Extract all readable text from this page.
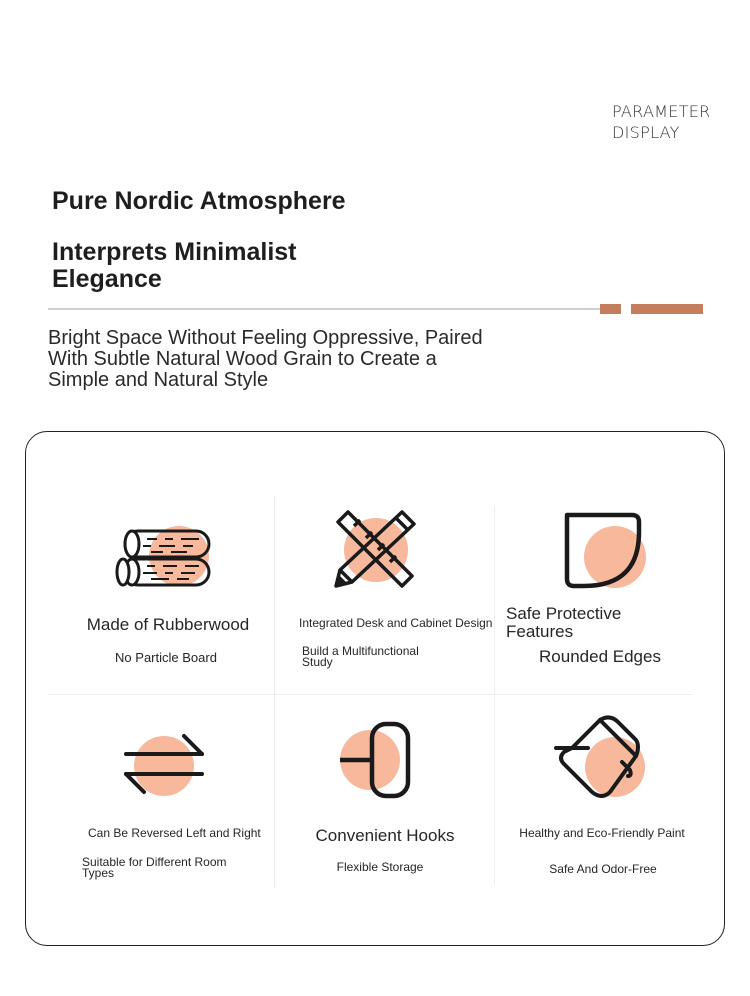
PARAMETER
DISPLAY
Pure Nordic Atmosphere
Interprets Minimalist Elegance
Bright Space Without Feeling Oppressive, Paired With Subtle Natural Wood Grain to Create a Simple and Natural Style
Made of Rubberwood
No Particle Board
Integrated Desk and Cabinet Design
Build a Multifunctional Study
Safe Protective Features
Rounded Edges
Can Be Reversed Left and Right
Suitable for Different Room Types
Convenient Hooks
Flexible Storage
Healthy and Eco-Friendly Paint
Safe And Odor-Free
